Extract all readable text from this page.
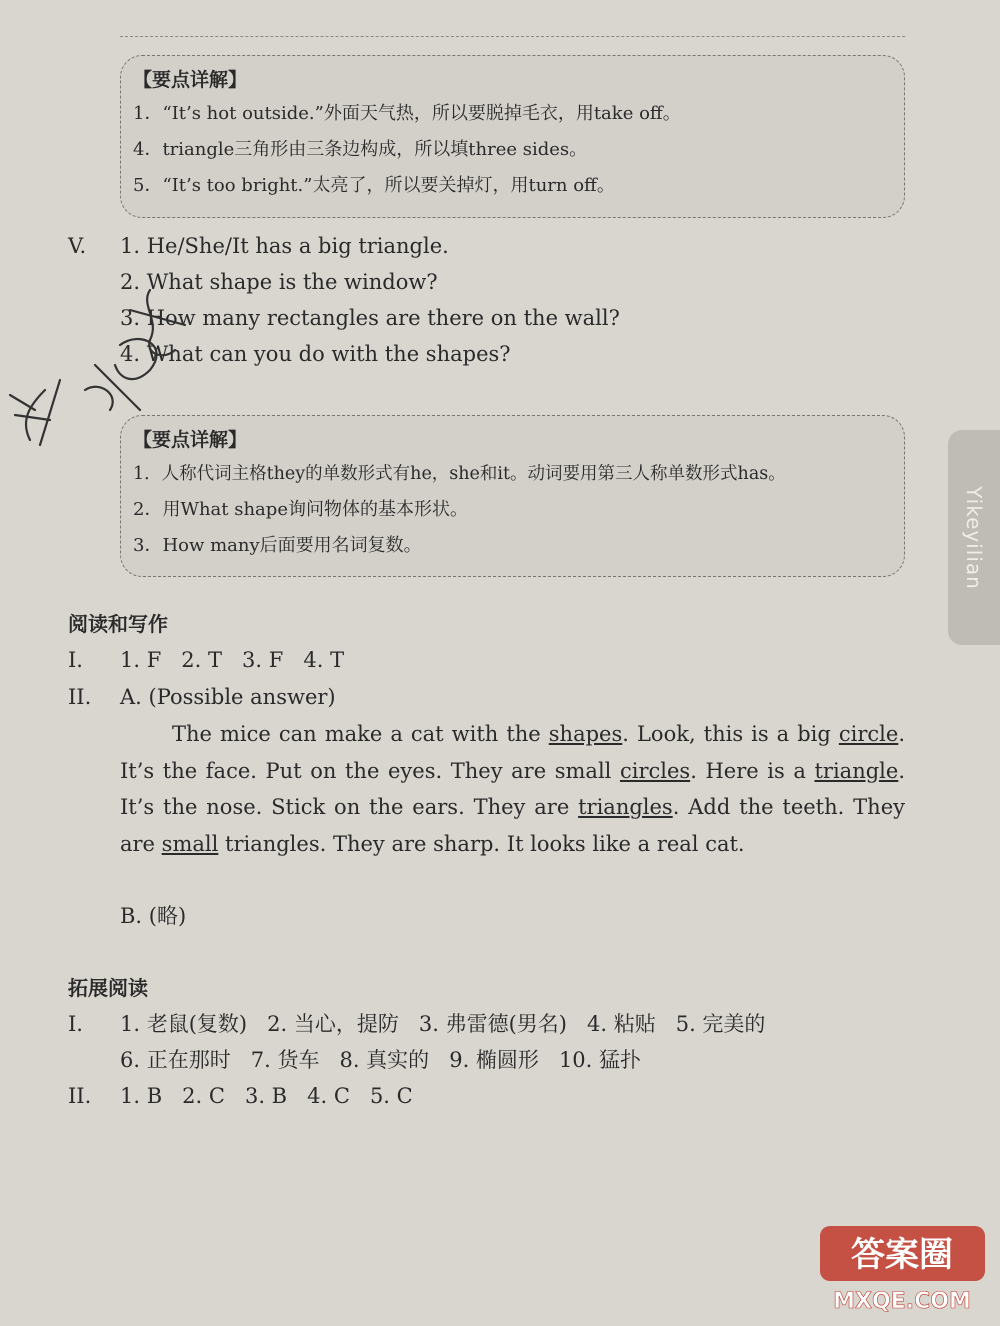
【要点详解】
1．“It’s hot outside.”外面天气热，所以要脱掉毛衣，用take off。
4．triangle三角形由三条边构成，所以填three sides。
5．“It’s too bright.”太亮了，所以要关掉灯，用turn off。
V. 1. He/She/It has a big triangle.
2. What shape is the window?
3. How many rectangles are there on the wall?
4. What can you do with the shapes?
【要点详解】
1．人称代词主格they的单数形式有he，she和it。动词要用第三人称单数形式has。
2．用What shape询问物体的基本形状。
3．How many后面要用名词复数。
阅读和写作
I. 1. F   2. T   3. F   4. T
II. A. (Possible answer)
The mice can make a cat with the shapes. Look, this is a big circle. It’s the face. Put on the eyes. They are small circles. Here is a triangle. It’s the nose. Stick on the ears. They are triangles. Add the teeth. They are small triangles. They are sharp. It looks like a real cat.
B. (略)
拓展阅读
I. 1. 老鼠(复数)   2. 当心，提防   3. 弗雷德(男名)   4. 粘贴   5. 完美的
6. 正在那时   7. 货车   8. 真实的   9. 椭圆形   10. 猛扑
II. 1. B   2. C   3. B   4. C   5. C
Yikeyilian
答案圈
MXQE.COM
